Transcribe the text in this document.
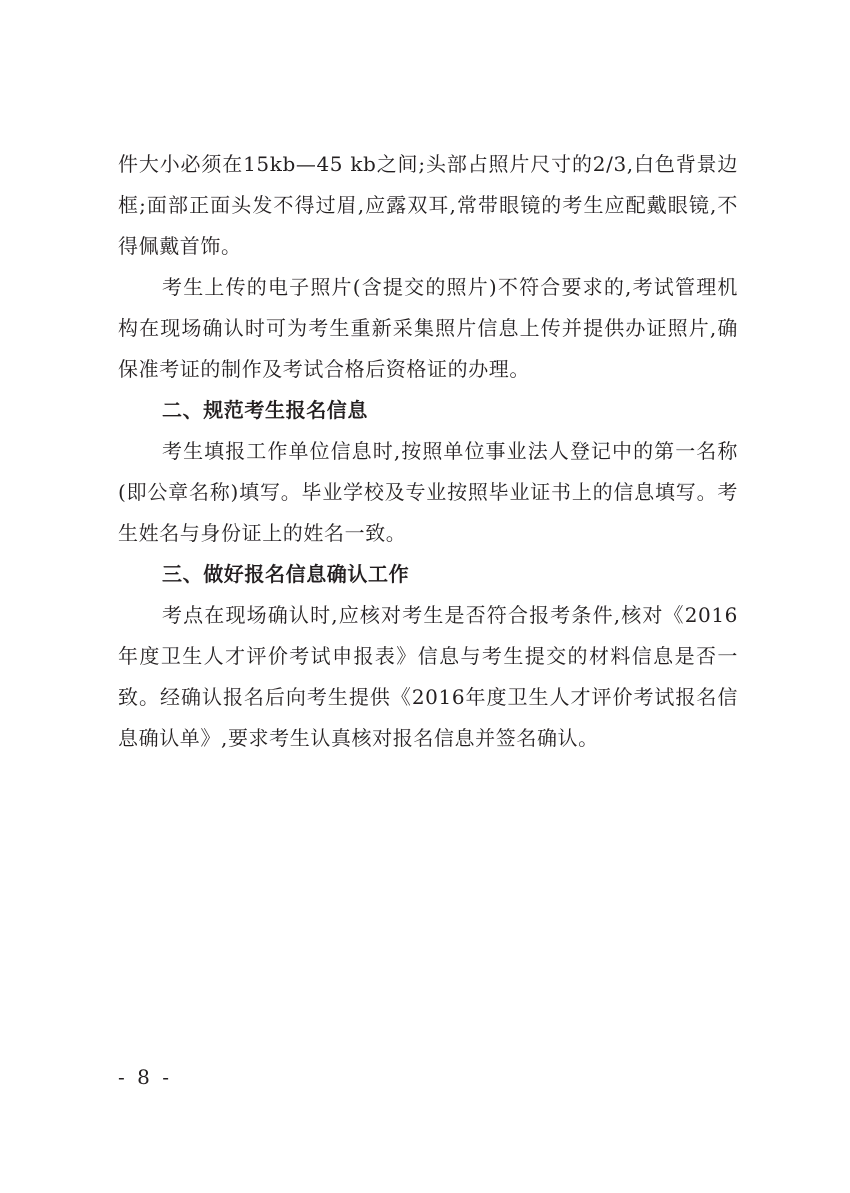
件大小必须在15kb—45 kb之间;头部占照片尺寸的2/3,白色背景边框;面部正面头发不得过眉,应露双耳,常带眼镜的考生应配戴眼镜,不得佩戴首饰。

考生上传的电子照片(含提交的照片)不符合要求的,考试管理机构在现场确认时可为考生重新采集照片信息上传并提供办证照片,确保准考证的制作及考试合格后资格证的办理。

二、规范考生报名信息

考生填报工作单位信息时,按照单位事业法人登记中的第一名称(即公章名称)填写。毕业学校及专业按照毕业证书上的信息填写。考生姓名与身份证上的姓名一致。

三、做好报名信息确认工作

考点在现场确认时,应核对考生是否符合报考条件,核对《2016年度卫生人才评价考试申报表》信息与考生提交的材料信息是否一致。经确认报名后向考生提供《2016年度卫生人才评价考试报名信息确认单》,要求考生认真核对报名信息并签名确认。

- 8 -
